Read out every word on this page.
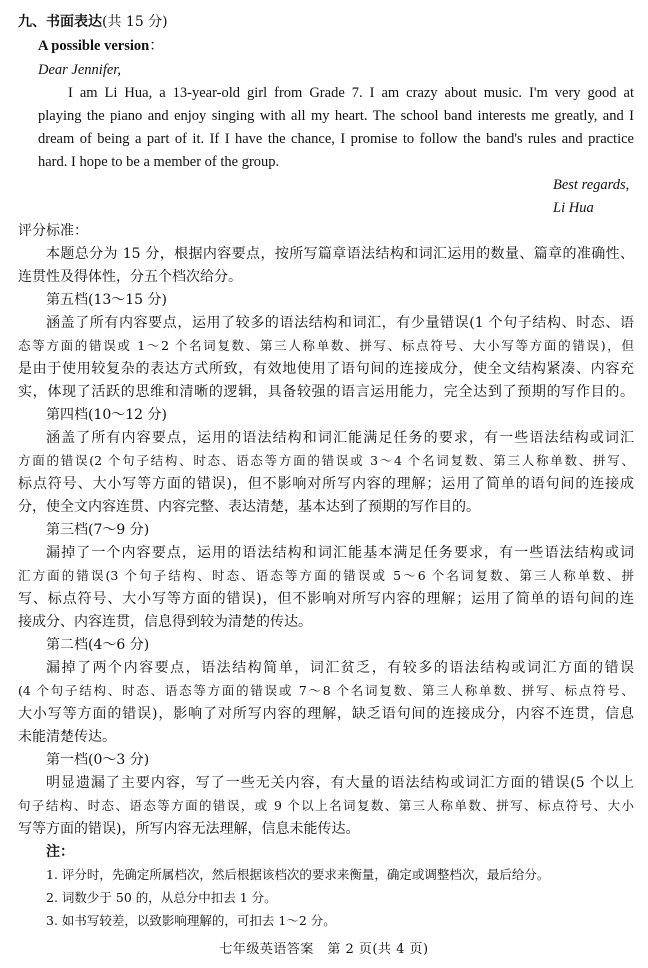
九、书面表达(共 15 分)
A possible version：
Dear Jennifer,
I am Li Hua, a 13-year-old girl from Grade 7. I am crazy about music. I'm very good at
playing the piano and enjoy singing with all my heart. The school band interests me greatly, and I
dream of being a part of it. If I have the chance, I promise to follow the band's rules and practice
hard. I hope to be a member of the group.
Best regards,
Li Hua
评分标准：
本题总分为 15 分，根据内容要点，按所写篇章语法结构和词汇运用的数量、篇章的准确性、
连贯性及得体性，分五个档次给分。
第五档(13～15 分)
涵盖了所有内容要点，运用了较多的语法结构和词汇，有少量错误(1 个句子结构、时态、语
态等方面的错误或 1～2 个名词复数、第三人称单数、拼写、标点符号、大小写等方面的错误)，但
是由于使用较复杂的表达方式所致，有效地使用了语句间的连接成分，使全文结构紧凑、内容充
实，体现了活跃的思维和清晰的逻辑，具备较强的语言运用能力，完全达到了预期的写作目的。
第四档(10～12 分)
涵盖了所有内容要点，运用的语法结构和词汇能满足任务的要求，有一些语法结构或词汇
方面的错误(2 个句子结构、时态、语态等方面的错误或 3～4 个名词复数、第三人称单数、拼写、
标点符号、大小写等方面的错误)，但不影响对所写内容的理解；运用了简单的语句间的连接成
分，使全文内容连贯、内容完整、表达清楚，基本达到了预期的写作目的。
第三档(7～9 分)
漏掉了一个内容要点，运用的语法结构和词汇能基本满足任务要求，有一些语法结构或词
汇方面的错误(3 个句子结构、时态、语态等方面的错误或 5～6 个名词复数、第三人称单数、拼
写、标点符号、大小写等方面的错误)，但不影响对所写内容的理解；运用了简单的语句间的连
接成分、内容连贯，信息得到较为清楚的传达。
第二档(4～6 分)
漏掉了两个内容要点，语法结构简单，词汇贫乏，有较多的语法结构或词汇方面的错误
(4 个句子结构、时态、语态等方面的错误或 7～8 个名词复数、第三人称单数、拼写、标点符号、
大小写等方面的错误)，影响了对所写内容的理解，缺乏语句间的连接成分，内容不连贯，信息
未能清楚传达。
第一档(0～3 分)
明显遗漏了主要内容，写了一些无关内容，有大量的语法结构或词汇方面的错误(5 个以上
句子结构、时态、语态等方面的错误，或 9 个以上名词复数、第三人称单数、拼写、标点符号、大小
写等方面的错误)，所写内容无法理解，信息未能传达。
注：
1. 评分时，先确定所属档次，然后根据该档次的要求来衡量，确定或调整档次，最后给分。
2. 词数少于 50 的，从总分中扣去 1 分。
3. 如书写较差，以致影响理解的，可扣去 1～2 分。
七年级英语答案　第 2 页(共 4 页)
